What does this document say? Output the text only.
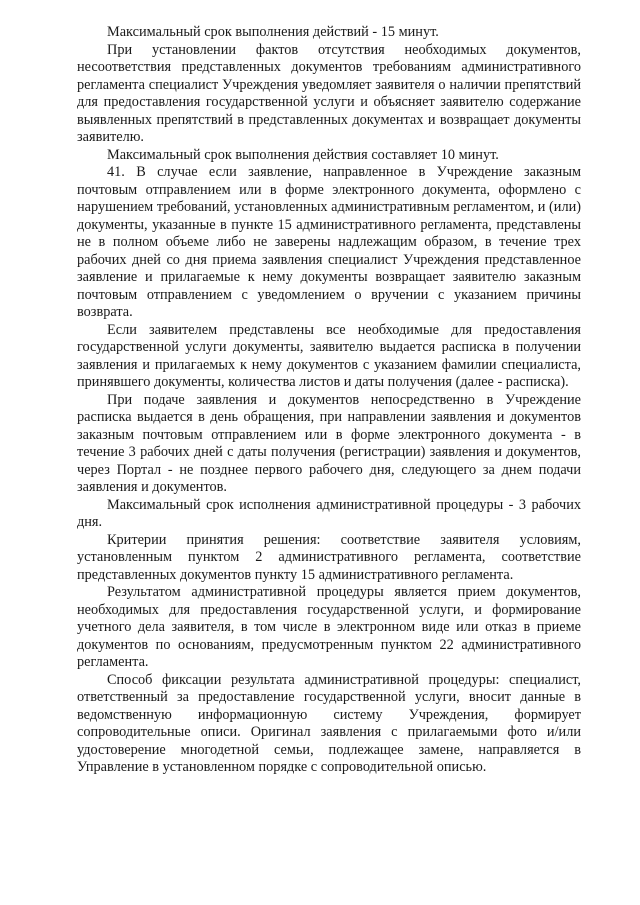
Максимальный срок выполнения действий - 15 минут.

При установлении фактов отсутствия необходимых документов, несоответствия представленных документов требованиям административного регламента специалист Учреждения уведомляет заявителя о наличии препятствий для предоставления государственной услуги и объясняет заявителю содержание выявленных препятствий в представленных документах и возвращает документы заявителю.

Максимальный срок выполнения действия составляет 10 минут.

41. В случае если заявление, направленное в Учреждение заказным почтовым отправлением или в форме электронного документа, оформлено с нарушением требований, установленных административным регламентом, и (или) документы, указанные в пункте 15 административного регламента, представлены не в полном объеме либо не заверены надлежащим образом, в течение трех рабочих дней со дня приема заявления специалист Учреждения представленное заявление и прилагаемые к нему документы возвращает заявителю заказным почтовым отправлением с уведомлением о вручении с указанием причины возврата.

Если заявителем представлены все необходимые для предоставления государственной услуги документы, заявителю выдается расписка в получении заявления и прилагаемых к нему документов с указанием фамилии специалиста, принявшего документы, количества листов и даты получения (далее - расписка).

При подаче заявления и документов непосредственно в Учреждение расписка выдается в день обращения, при направлении заявления и документов заказным почтовым отправлением или в форме электронного документа - в течение 3 рабочих дней с даты получения (регистрации) заявления и документов, через Портал - не позднее первого рабочего дня, следующего за днем подачи заявления и документов.

Максимальный срок исполнения административной процедуры - 3 рабочих дня.

Критерии принятия решения: соответствие заявителя условиям, установленным пунктом 2 административного регламента, соответствие представленных документов пункту 15 административного регламента.

Результатом административной процедуры является прием документов, необходимых для предоставления государственной услуги, и формирование учетного дела заявителя, в том числе в электронном виде или отказ в приеме документов по основаниям, предусмотренным пунктом 22 административного регламента.

Способ фиксации результата административной процедуры: специалист, ответственный за предоставление государственной услуги, вносит данные в ведомственную информационную систему Учреждения, формирует сопроводительные описи. Оригинал заявления с прилагаемыми фото и/или удостоверение многодетной семьи, подлежащее замене, направляется в Управление в установленном порядке с сопроводительной описью.
